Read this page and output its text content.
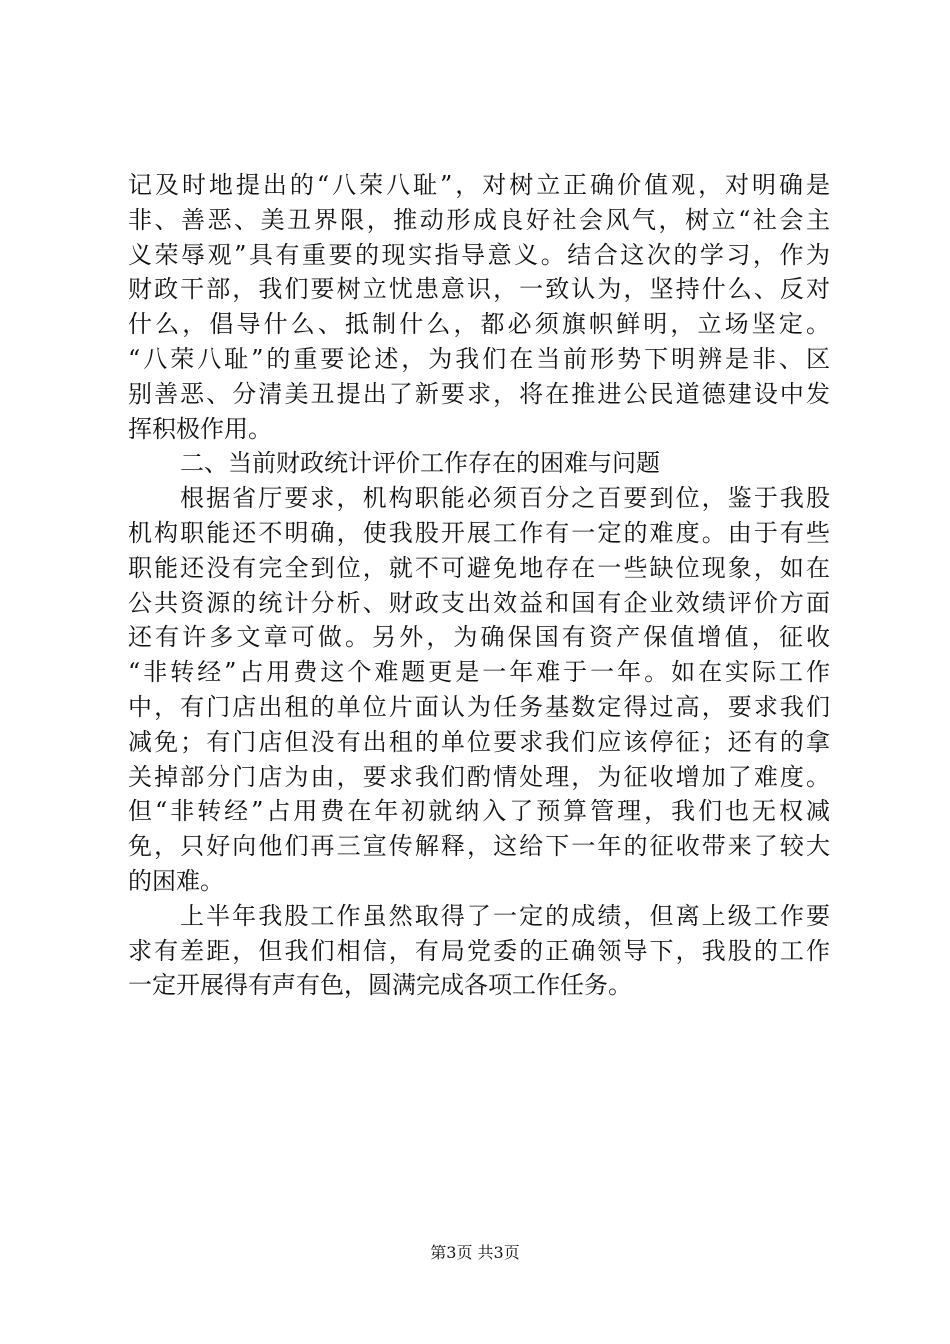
记及时地提出的“八荣八耻”，对树立正确价值观，对明确是
非、善恶、美丑界限，推动形成良好社会风气，树立“社会主
义荣辱观”具有重要的现实指导意义。结合这次的学习，作为
财政干部，我们要树立忧患意识，一致认为，坚持什么、反对
什么，倡导什么、抵制什么，都必须旗帜鲜明，立场坚定。
“八荣八耻”的重要论述，为我们在当前形势下明辨是非、区
别善恶、分清美丑提出了新要求，将在推进公民道德建设中发
挥积极作用。
二、当前财政统计评价工作存在的困难与问题
根据省厅要求，机构职能必须百分之百要到位，鉴于我股
机构职能还不明确，使我股开展工作有一定的难度。由于有些
职能还没有完全到位，就不可避免地存在一些缺位现象，如在
公共资源的统计分析、财政支出效益和国有企业效绩评价方面
还有许多文章可做。另外，为确保国有资产保值增值，征收
“非转经”占用费这个难题更是一年难于一年。如在实际工作
中，有门店出租的单位片面认为任务基数定得过高，要求我们
减免；有门店但没有出租的单位要求我们应该停征；还有的拿
关掉部分门店为由，要求我们酌情处理，为征收增加了难度。
但“非转经”占用费在年初就纳入了预算管理，我们也无权减
免，只好向他们再三宣传解释，这给下一年的征收带来了较大
的困难。
上半年我股工作虽然取得了一定的成绩，但离上级工作要
求有差距，但我们相信，有局党委的正确领导下，我股的工作
一定开展得有声有色，圆满完成各项工作任务。
第3页 共3页
